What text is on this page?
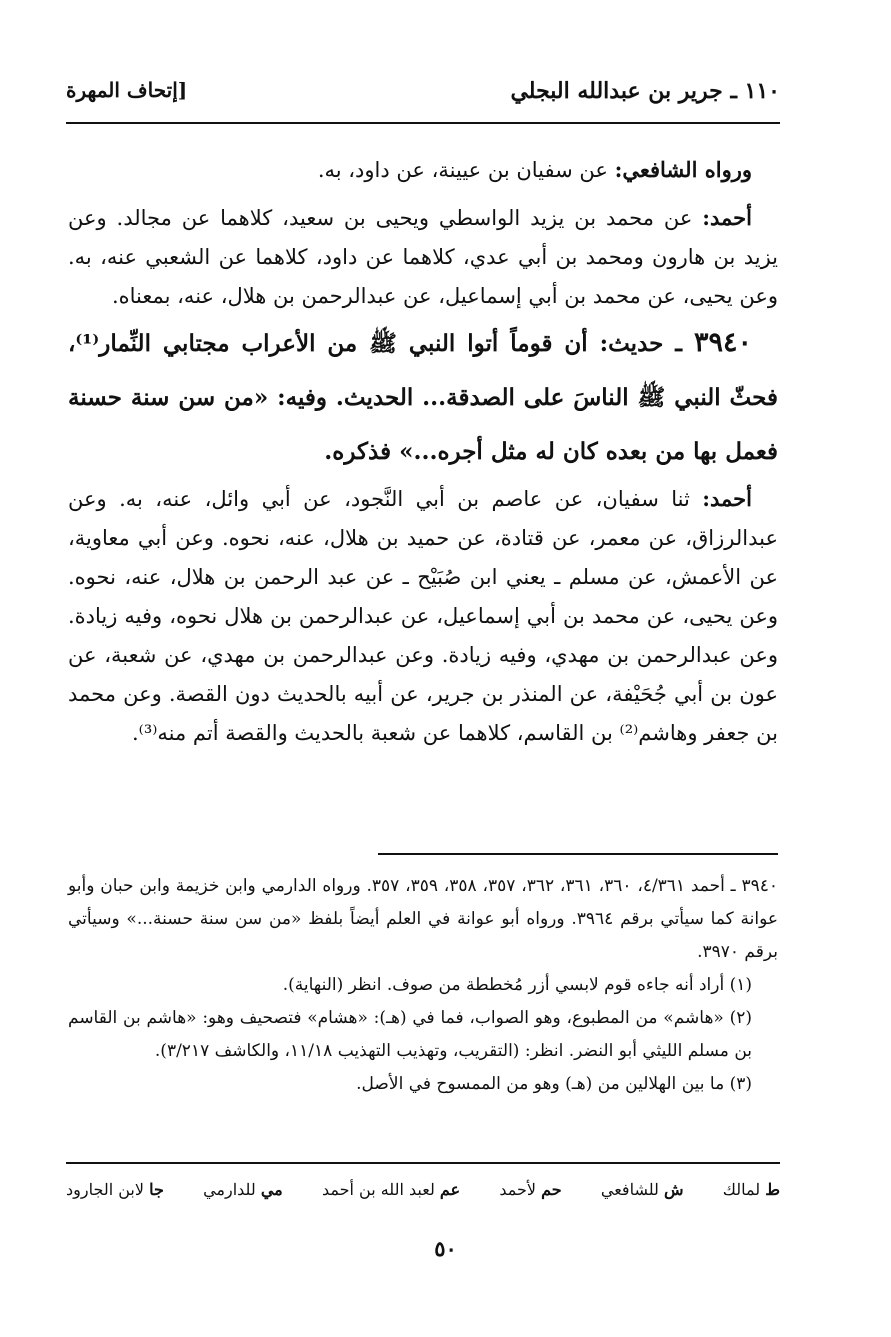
١١٠ ـ جرير بن عبدالله البجلي
[إتحاف المهرة

ورواه الشافعي: عن سفيان بن عيينة، عن داود، به.

أحمد: عن محمد بن يزيد الواسطي ويحيى بن سعيد، كلاهما عن مجالد. وعن يزيد بن هارون ومحمد بن أبي عدي، كلاهما عن داود، كلاهما عن الشعبي عنه، به. وعن يحيى، عن محمد بن أبي إسماعيل، عن عبدالرحمن بن هلال، عنه، بمعناه.

٣٩٤٠ ـ حديث: أن قوماً أتوا النبي ﷺ من الأعراب مجتابي النِّمار⁽¹⁾، فحثّ النبي ﷺ الناسَ على الصدقة... الحديث. وفيه: «من سن سنة حسنة فعمل بها من بعده كان له مثل أجره...» فذكره.

أحمد: ثنا سفيان، عن عاصم بن أبي النَّجود، عن أبي وائل، عنه، به. وعن عبدالرزاق، عن معمر، عن قتادة، عن حميد بن هلال، عنه، نحوه. وعن أبي معاوية، عن الأعمش، عن مسلم ـ يعني ابن صُبَيْح ـ عن عبد الرحمن بن هلال، عنه، نحوه. وعن يحيى، عن محمد بن أبي إسماعيل، عن عبدالرحمن بن هلال نحوه، وفيه زيادة. وعن عبدالرحمن بن مهدي، وفيه زيادة. وعن عبدالرحمن بن مهدي، عن شعبة، عن عون بن أبي جُحَيْفة، عن المنذر بن جرير، عن أبيه بالحديث دون القصة. وعن محمد بن جعفر وهاشم⁽²⁾ بن القاسم، كلاهما عن شعبة بالحديث والقصة أتم منه⁽³⁾.

٣٩٤٠ ـ أحمد ٤/٣٦١، ٣٦٠، ٣٦١، ٣٦٢، ٣٥٧، ٣٥٨، ٣٥٩، ٣٥٧. ورواه الدارمي وابن خزيمة وابن حبان وأبو عوانة كما سيأتي برقم ٣٩٦٤. ورواه أبو عوانة في العلم أيضاً بلفظ «من سن سنة حسنة...» وسيأتي برقم ٣٩٧٠.

(١) أراد أنه جاءه قوم لابسي أزر مُخططة من صوف. انظر (النهاية).

(٢) «هاشم» من المطبوع، وهو الصواب، فما في (هـ): «هشام» فتصحيف وهو: «هاشم بن القاسم بن مسلم الليثي أبو النضر. انظر: (التقريب، وتهذيب التهذيب ١١/١٨، والكاشف ٣/٢١٧).

(٣) ما بين الهلالين من (هـ) وهو من الممسوح في الأصل.

ط لمالك
ش للشافعي
حم لأحمد
عم لعبد الله بن أحمد
مي للدارمي
جا لابن الجارود
٥٠
